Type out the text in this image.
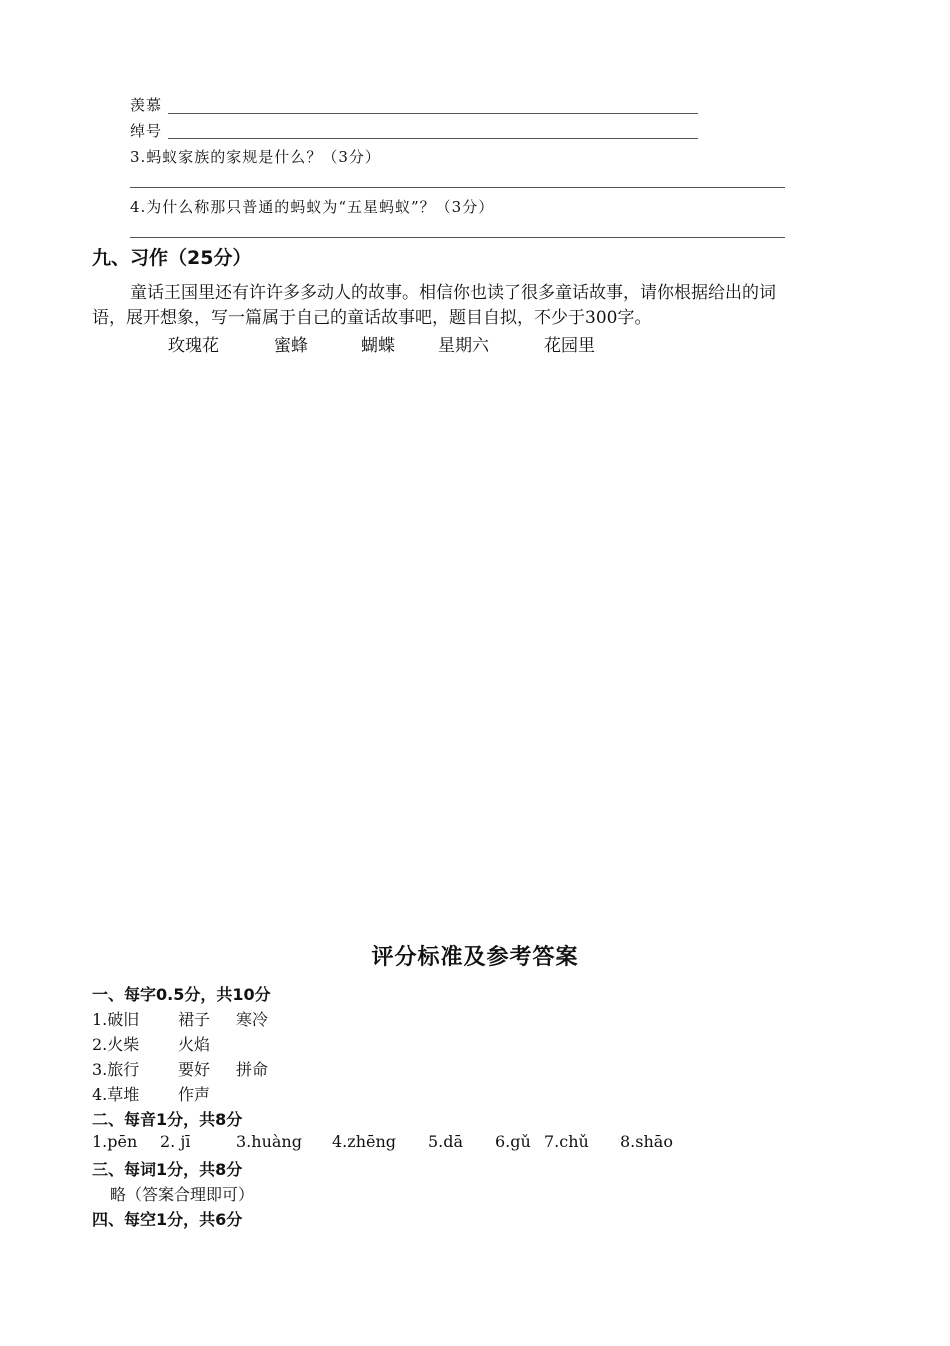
羡慕
绰号
3.蚂蚁家族的家规是什么？（3分）
4.为什么称那只普通的蚂蚁为“五星蚂蚁”？（3分）
九、习作（25分）
童话王国里还有许许多多动人的故事。相信你也读了很多童话故事，请你根据给出的词
语，展开想象，写一篇属于自己的童话故事吧，题目自拟，不少于300字。
玫瑰花	蜜蜂	蝴蝶	星期六	花园里
评分标准及参考答案
一、每字0.5分，共10分
1.破旧 裙子 寒冷
2.火柴 火焰
3.旅行 要好 拼命
4.草堆 作声
二、每音1分，共8分
1.pēn 2. jī	3.huàng 4.zhēng 5.dā 6.gǔ 7.chǔ 8.shāo
三、每词1分，共8分
略（答案合理即可）
四、每空1分，共6分
